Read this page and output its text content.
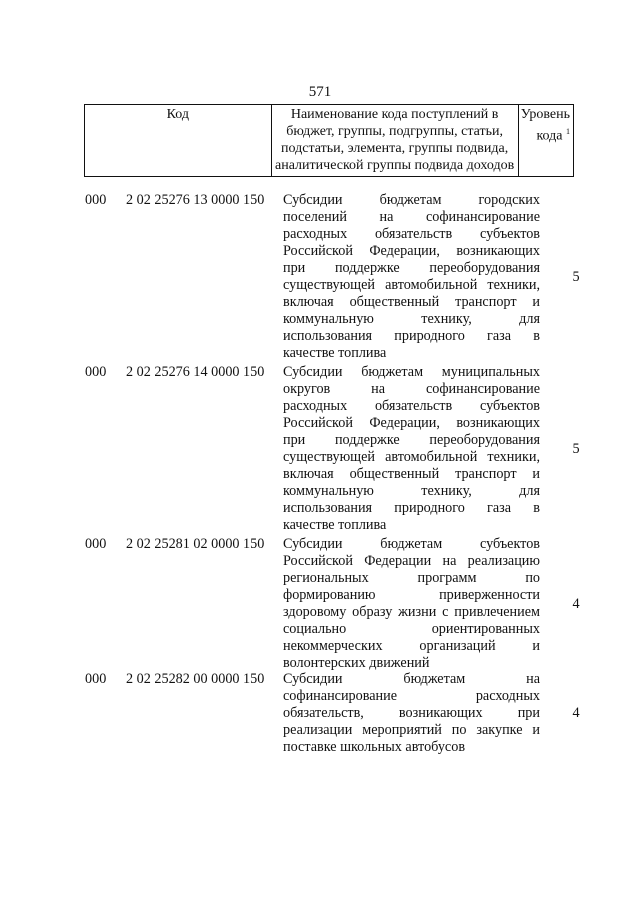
571
Код	Наименование кода поступлений в
бюджет, группы, подгруппы, статьи,
подстатьи, элемента, группы подвида,
аналитической группы подвида доходов

Уровень
кода $^1$
000 2 02 25276 13 0000 150 Субсидии бюджетам городских
поселений на софинансирование
расходных обязательств субъектов
Российской Федерации, возникающих
при поддержке переоборудования
существующей автомобильной техники,
включая общественный транспорт и
коммунальную технику, для
использования природного газа в
качестве топлива
5
000 2 02 25276 14 0000 150 Субсидии бюджетам муниципальных
округов на софинансирование
расходных обязательств субъектов
Российской Федерации, возникающих
при поддержке переоборудования
существующей автомобильной техники,
включая общественный транспорт и
коммунальную технику, для
использования природного газа в
качестве топлива
5
000 2 02 25281 02 0000 150 Субсидии бюджетам субъектов
Российской Федерации на реализацию
региональных программ по
формированию приверженности
здоровому образу жизни с привлечением
социально ориентированных
некоммерческих организаций и
волонтерских движений
4
000 2 02 25282 00 0000 150 Субсидии бюджетам на
софинансирование расходных
обязательств, возникающих при
реализации мероприятий по закупке и
поставке школьных автобусов
4
